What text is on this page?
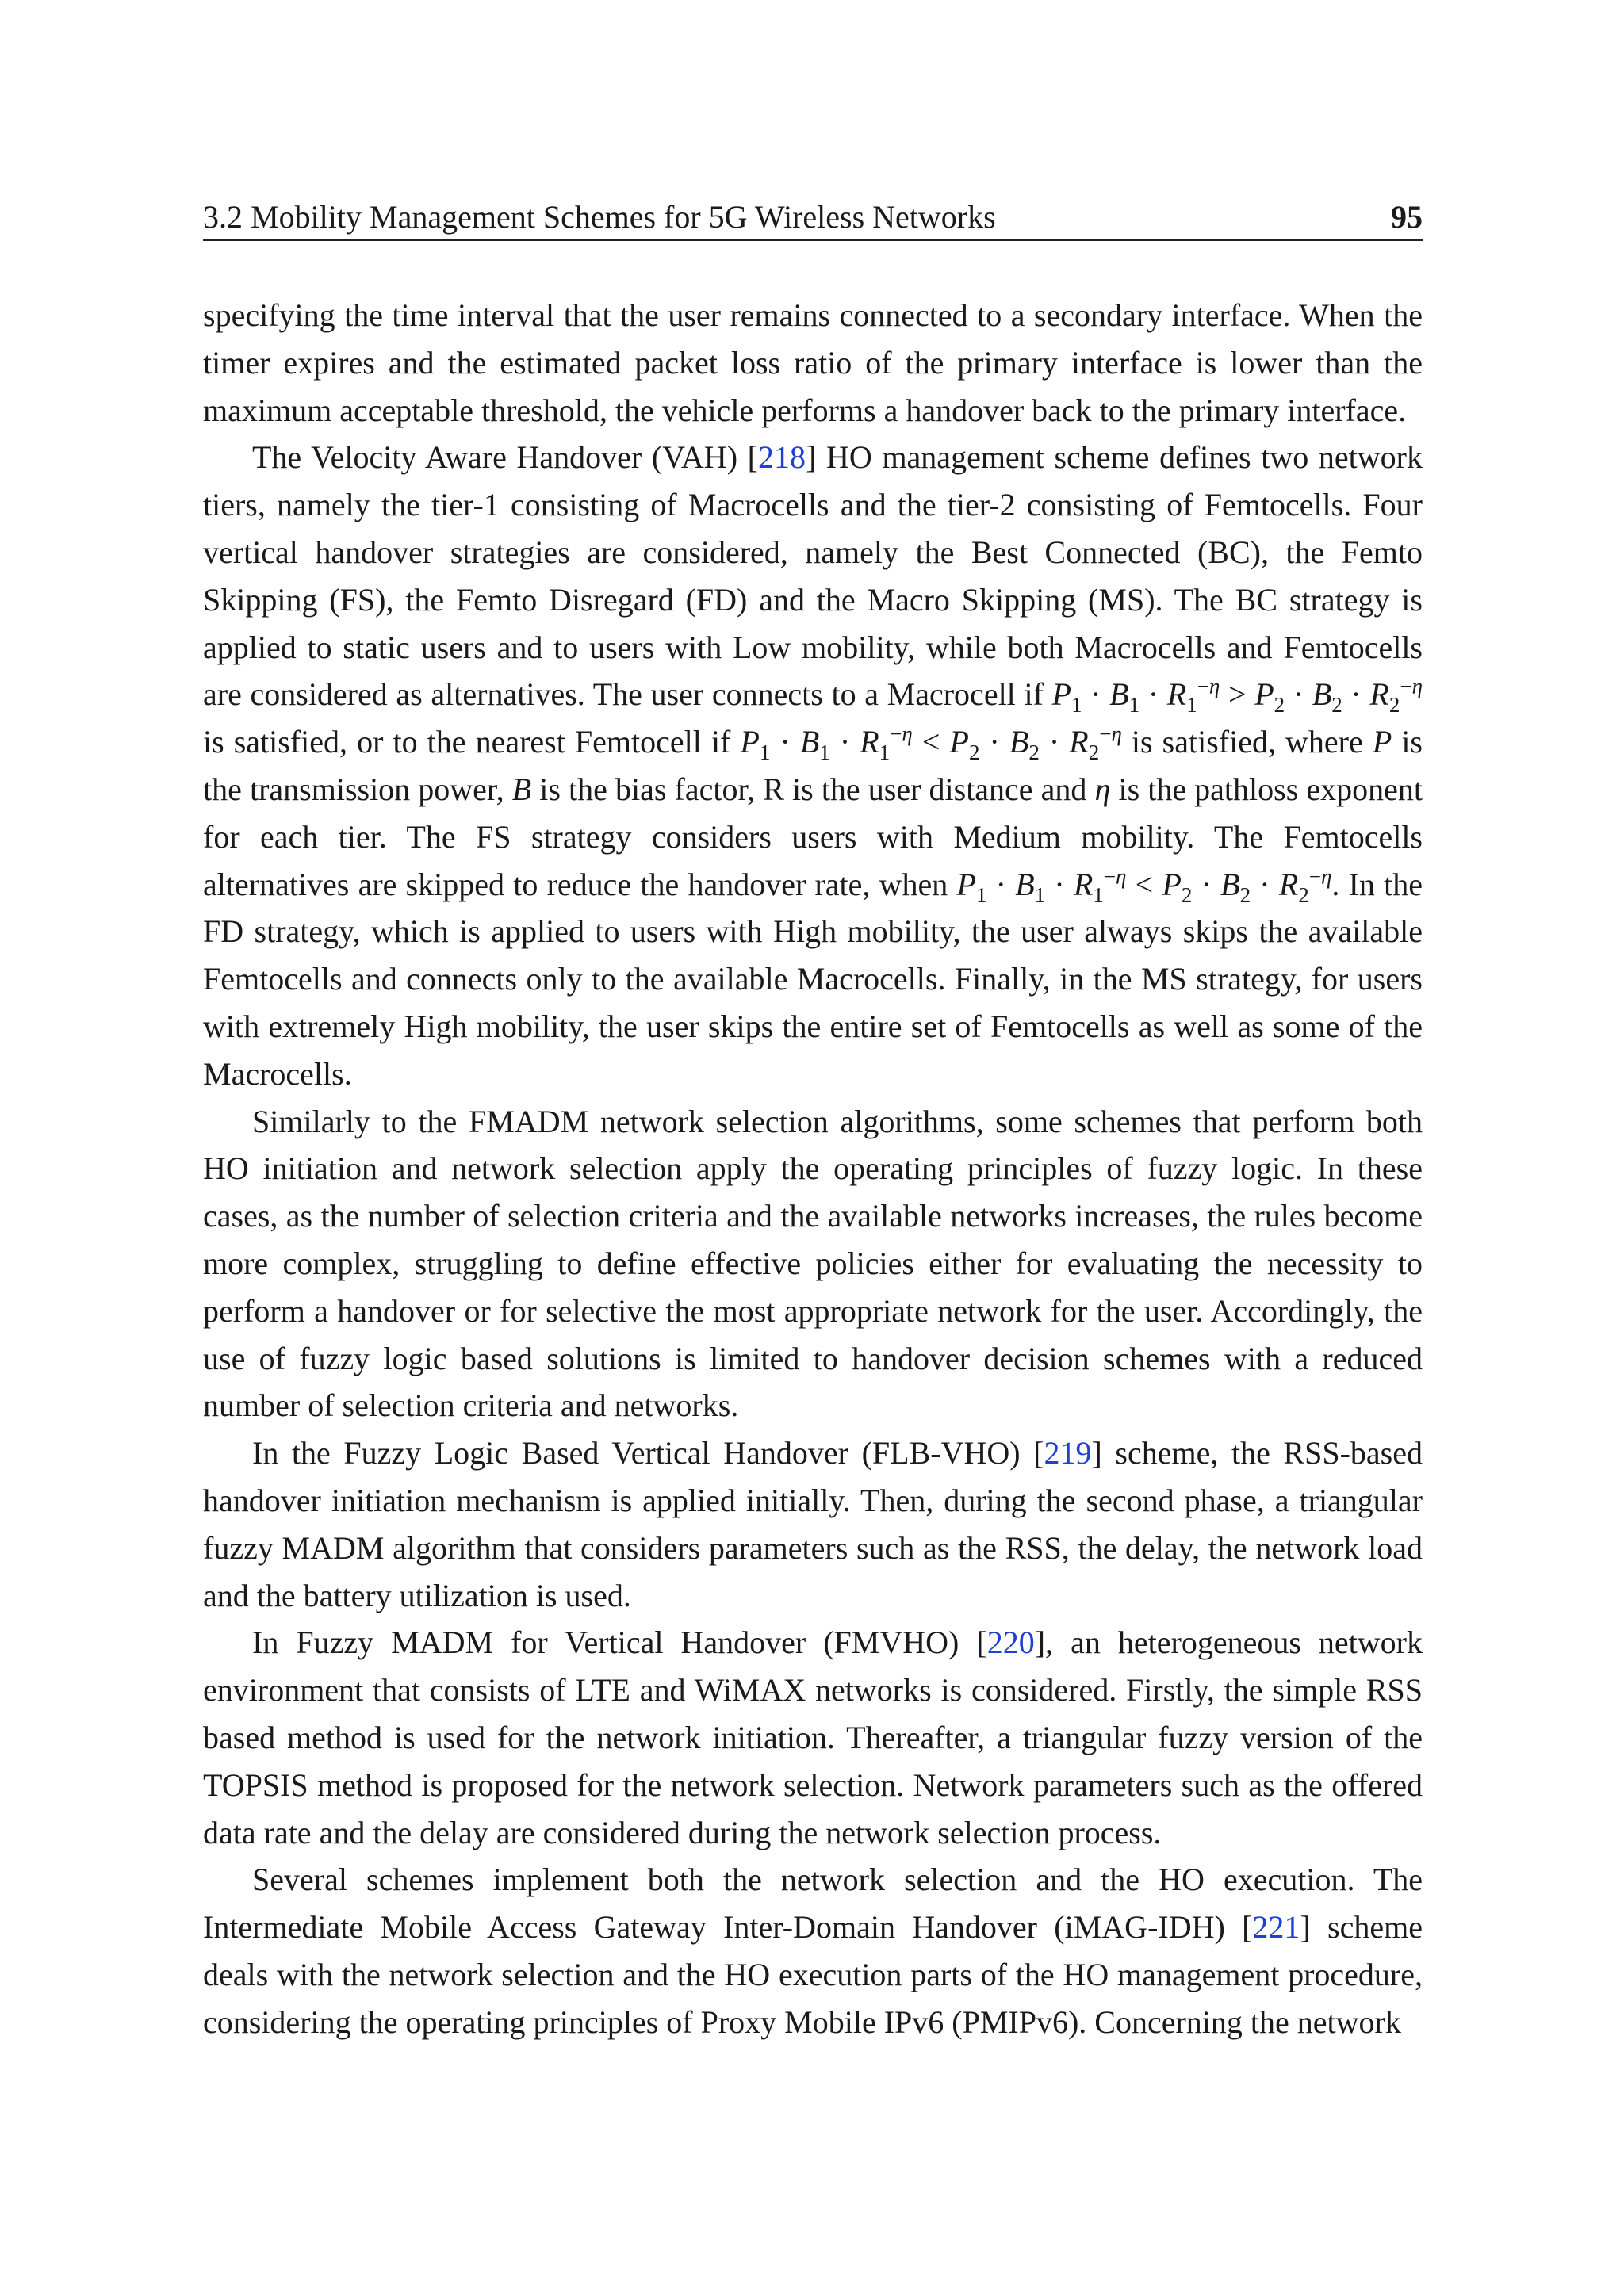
3.2 Mobility Management Schemes for 5G Wireless Networks	95

specifying the time interval that the user remains connected to a secondary interface. When the timer expires and the estimated packet loss ratio of the primary interface is lower than the maximum acceptable threshold, the vehicle performs a handover back to the primary interface.

The Velocity Aware Handover (VAH) [218] HO management scheme defines two network tiers, namely the tier-1 consisting of Macrocells and the tier-2 consisting of Femtocells. Four vertical handover strategies are considered, namely the Best Connected (BC), the Femto Skipping (FS), the Femto Disregard (FD) and the Macro Skipping (MS). The BC strategy is applied to static users and to users with Low mobility, while both Macrocells and Femtocells are considered as alternatives. The user connects to a Macrocell if $P_1 \cdot B_1 \cdot R_1^{-\eta} > P_2 \cdot B_2 \cdot R_2^{-\eta}$ is satisfied, or to the nearest Femtocell if $P_1 \cdot B_1 \cdot R_1^{-\eta} < P_2 \cdot B_2 \cdot R_2^{-\eta}$ is satisfied, where P is the transmission power, B is the bias factor, R is the user distance and η is the pathloss exponent for each tier. The FS strategy considers users with Medium mobility. The Femtocells alternatives are skipped to reduce the handover rate, when $P_1 \cdot B_1 \cdot R_1^{-\eta} < P_2 \cdot B_2 \cdot R_2^{-\eta}$. In the FD strategy, which is applied to users with High mobility, the user always skips the available Femtocells and connects only to the available Macrocells. Finally, in the MS strategy, for users with extremely High mobility, the user skips the entire set of Femtocells as well as some of the Macrocells.

Similarly to the FMADM network selection algorithms, some schemes that perform both HO initiation and network selection apply the operating principles of fuzzy logic. In these cases, as the number of selection criteria and the available networks increases, the rules become more complex, struggling to define effective policies either for evaluating the necessity to perform a handover or for selective the most appropriate network for the user. Accordingly, the use of fuzzy logic based solutions is limited to handover decision schemes with a reduced number of selection criteria and networks.

In the Fuzzy Logic Based Vertical Handover (FLB-VHO) [219] scheme, the RSS-based handover initiation mechanism is applied initially. Then, during the second phase, a triangular fuzzy MADM algorithm that considers parameters such as the RSS, the delay, the network load and the battery utilization is used.

In Fuzzy MADM for Vertical Handover (FMVHO) [220], an heterogeneous network environment that consists of LTE and WiMAX networks is considered. Firstly, the simple RSS based method is used for the network initiation. Thereafter, a triangular fuzzy version of the TOPSIS method is proposed for the network selection. Network parameters such as the offered data rate and the delay are considered during the network selection process.

Several schemes implement both the network selection and the HO execution. The Intermediate Mobile Access Gateway Inter-Domain Handover (iMAG-IDH) [221] scheme deals with the network selection and the HO execution parts of the HO management procedure, considering the operating principles of Proxy Mobile IPv6 (PMIPv6). Concerning the network
